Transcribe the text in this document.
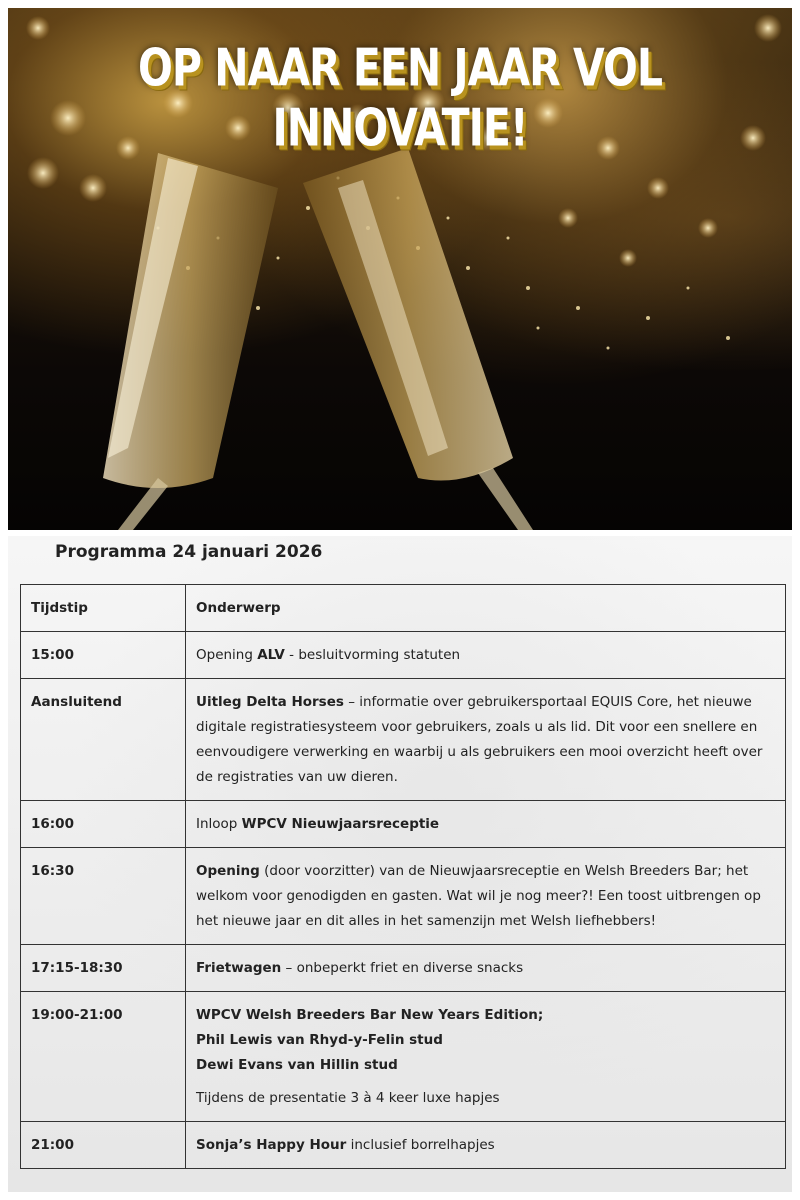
OP NAAR EEN JAAR VOL INNOVATIE!
Programma 24 januari 2026
Tijdstip	Onderwerp
15:00	Opening ALV - besluitvorming statuten
Aansluitend	Uitleg Delta Horses – informatie over gebruikersportaal EQUIS Core, het nieuwe digitale registratiesysteem voor gebruikers, zoals u als lid. Dit voor een snellere en eenvoudigere verwerking en waarbij u als gebruikers een mooi overzicht heeft over de registraties van uw dieren.
16:00	Inloop WPCV Nieuwjaarsreceptie
16:30	Opening (door voorzitter) van de Nieuwjaarsreceptie en Welsh Breeders Bar; het welkom voor genodigden en gasten. Wat wil je nog meer?! Een toost uitbrengen op het nieuwe jaar en dit alles in het samenzijn met Welsh liefhebbers!
17:15-18:30	Frietwagen – onbeperkt friet en diverse snacks
19:00-21:00	WPCV Welsh Breeders Bar New Years Edition;
Phil Lewis van Rhyd-y-Felin stud
Dewi Evans van Hillin stud
Tijdens de presentatie 3 à 4 keer luxe hapjes

21:00	Sonja’s Happy Hour inclusief borrelhapjes
